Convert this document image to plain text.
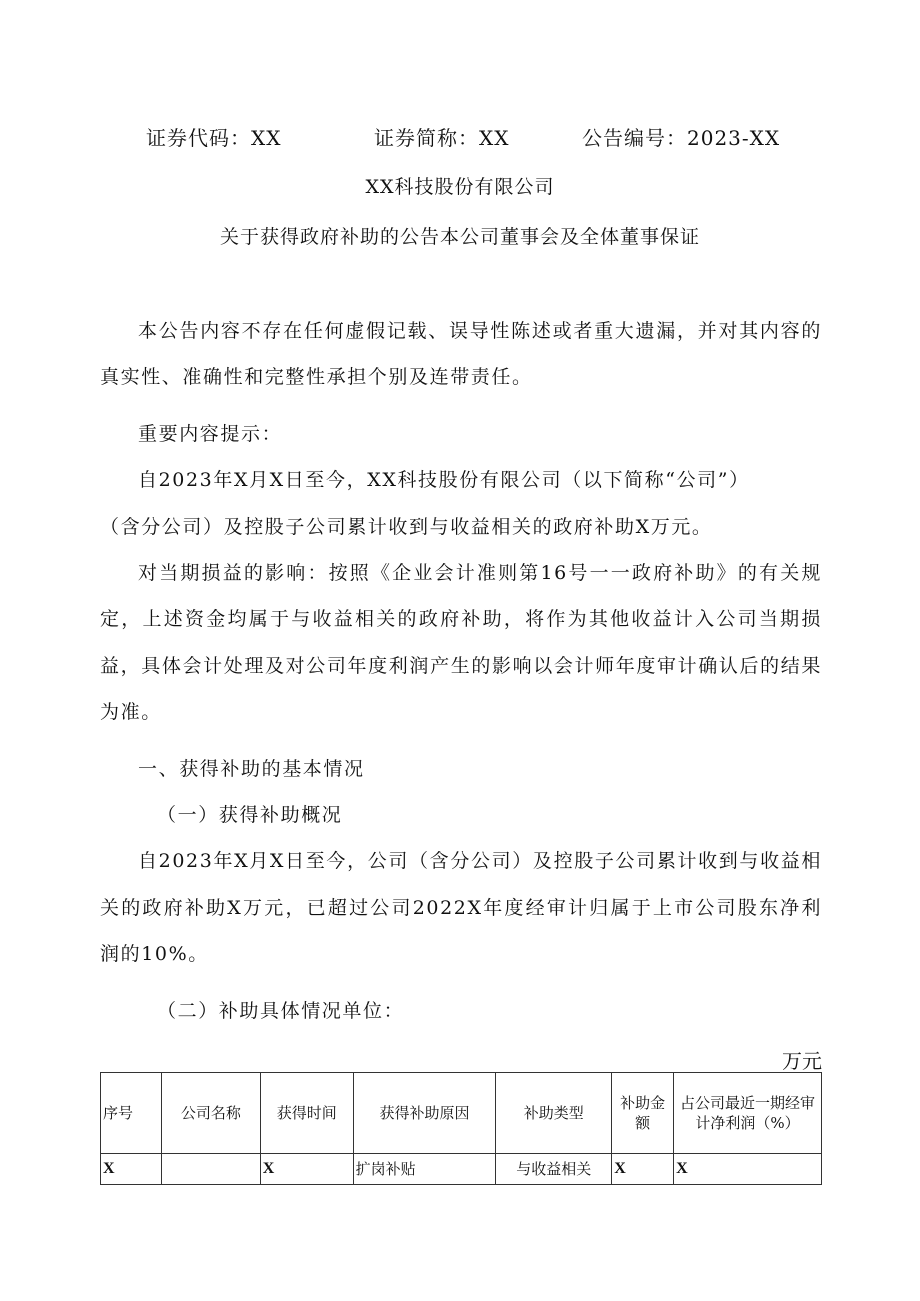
证券代码：XX	证券简称：XX	公告编号：2023-XX
XX科技股份有限公司
关于获得政府补助的公告本公司董事会及全体董事保证

本公告内容不存在任何虚假记载、误导性陈述或者重大遗漏，并对其内容的真实性、准确性和完整性承担个别及连带责任。

重要内容提示：

自2023年X月X日至今，XX科技股份有限公司（以下简称“公司”）

（含分公司）及控股子公司累计收到与收益相关的政府补助X万元。

对当期损益的影响：按照《企业会计准则第16号一一政府补助》的有关规定，上述资金均属于与收益相关的政府补助，将作为其他收益计入公司当期损益，具体会计处理及对公司年度利润产生的影响以会计师年度审计确认后的结果为准。

一、获得补助的基本情况

（一）获得补助概况

自2023年X月X日至今，公司（含分公司）及控股子公司累计收到与收益相关的政府补助X万元，已超过公司2022X年度经审计归属于上市公司股东净利润的10%。

（二）补助具体情况单位：

万元
序号	公司名称	获得时间	获得补助原因	补助类型	补助金额	占公司最近一期经审计净利润（%）
X		X	扩岗补贴	与收益相关	X	X
